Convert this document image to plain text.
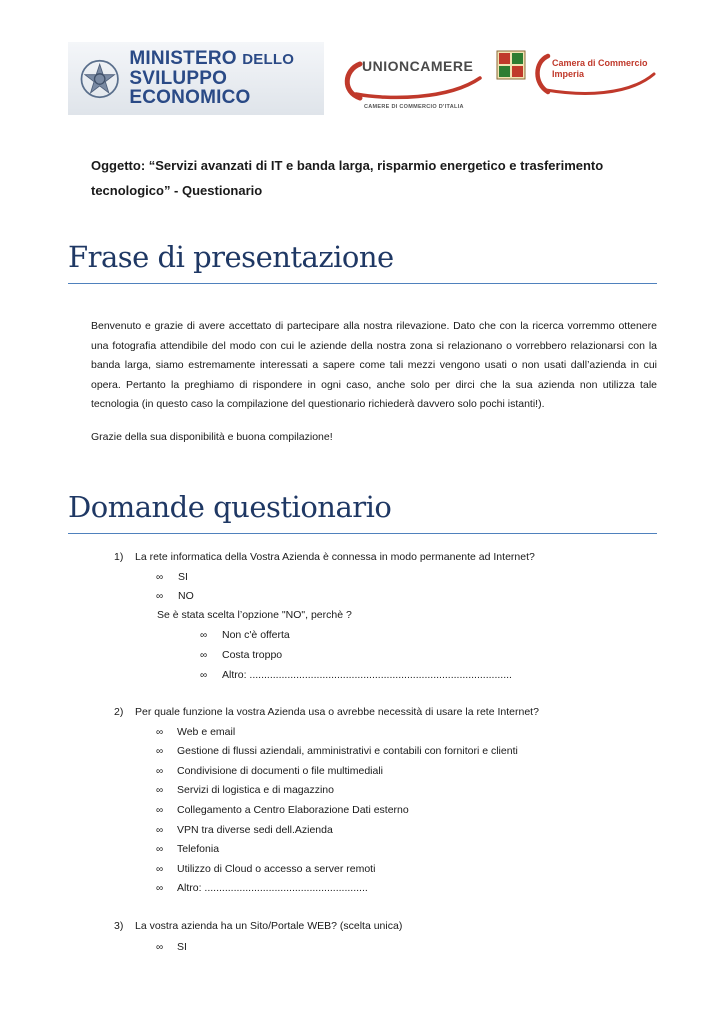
MINISTERO DELLO
SVILUPPO ECONOMICO
UNIONCAMERE
CAMERE DI COMMERCIO D'ITALIA
Camera di Commercio
Imperia
Oggetto: “Servizi avanzati di IT e banda larga, risparmio energetico e trasferimento
tecnologico” - Questionario
Frase di presentazione
Benvenuto e grazie di avere accettato di partecipare alla nostra rilevazione. Dato che con la ricerca vorremmo ottenere una fotografia attendibile del modo con cui le aziende della nostra zona si relazionano o vorrebbero relazionarsi con la banda larga, siamo estremamente interessati a sapere come tali mezzi vengono usati o non usati dall’azienda in cui opera. Pertanto la preghiamo di rispondere in ogni caso, anche solo per dirci che la sua azienda non utilizza tale tecnologia (in questo caso la compilazione del questionario richiederà davvero solo pochi istanti!).
Grazie della sua disponibilità e buona compilazione!
Domande questionario
1) La rete informatica della Vostra Azienda è connessa in modo permanente ad Internet?
∞ SI
∞ NO
Se è stata scelta l’opzione "NO", perchè ?
∞ Non c'è offerta
∞ Costa troppo
∞ Altro: ..........................................................................................
2) Per quale funzione la vostra Azienda usa o avrebbe necessità di usare la rete Internet?
∞ Web e email
∞ Gestione di flussi aziendali, amministrativi e contabili con fornitori e clienti
∞ Condivisione di documenti o file multimediali
∞ Servizi di logistica e di magazzino
∞ Collegamento a Centro Elaborazione Dati esterno
∞ VPN tra diverse sedi dell.Azienda
∞ Telefonia
∞ Utilizzo di Cloud o accesso a server remoti
∞ Altro: ........................................................
3) La vostra azienda ha un Sito/Portale WEB? (scelta unica)
∞ SI
